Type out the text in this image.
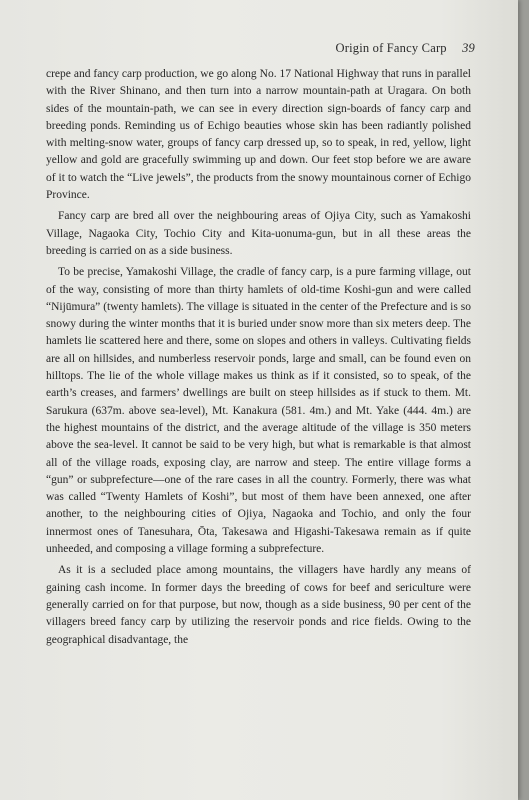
Origin of Fancy Carp 39

crepe and fancy carp production, we go along No. 17 National Highway that runs in parallel with the River Shinano, and then turn into a narrow mountain-path at Uragara. On both sides of the mountain-path, we can see in every direction sign-boards of fancy carp and breeding ponds. Reminding us of Echigo beauties whose skin has been radiantly polished with melting-snow water, groups of fancy carp dressed up, so to speak, in red, yellow, light yellow and gold are gracefully swimming up and down. Our feet stop before we are aware of it to watch the “Live jewels”, the products from the snowy mountainous corner of Echigo Province.

Fancy carp are bred all over the neighbouring areas of Ojiya City, such as Yamakoshi Village, Nagaoka City, Tochio City and Kita-uonuma-gun, but in all these areas the breeding is carried on as a side business.

To be precise, Yamakoshi Village, the cradle of fancy carp, is a pure farming village, out of the way, consisting of more than thirty hamlets of old-time Koshi-gun and were called “Nijūmura” (twenty hamlets). The village is situated in the center of the Prefecture and is so snowy during the winter months that it is buried under snow more than six meters deep. The hamlets lie scattered here and there, some on slopes and others in valleys. Cultivating fields are all on hillsides, and numberless reservoir ponds, large and small, can be found even on hilltops. The lie of the whole village makes us think as if it consisted, so to speak, of the earth’s creases, and farmers’ dwellings are built on steep hillsides as if stuck to them. Mt. Sarukura (637m. above sea-level), Mt. Kanakura (581. 4m.) and Mt. Yake (444. 4m.) are the highest mountains of the district, and the average altitude of the village is 350 meters above the sea-level. It cannot be said to be very high, but what is remarkable is that almost all of the village roads, exposing clay, are narrow and steep. The entire village forms a “gun” or subprefecture—one of the rare cases in all the country. Formerly, there was what was called “Twenty Hamlets of Koshi”, but most of them have been annexed, one after another, to the neighbouring cities of Ojiya, Nagaoka and Tochio, and only the four innermost ones of Tanesuhara, Ōta, Takesawa and Higashi-Takesawa remain as if quite unheeded, and composing a village forming a subprefecture.

As it is a secluded place among mountains, the villagers have hardly any means of gaining cash income. In former days the breeding of cows for beef and sericulture were generally carried on for that purpose, but now, though as a side business, 90 per cent of the villagers breed fancy carp by utilizing the reservoir ponds and rice fields. Owing to the geographical disadvantage, the
